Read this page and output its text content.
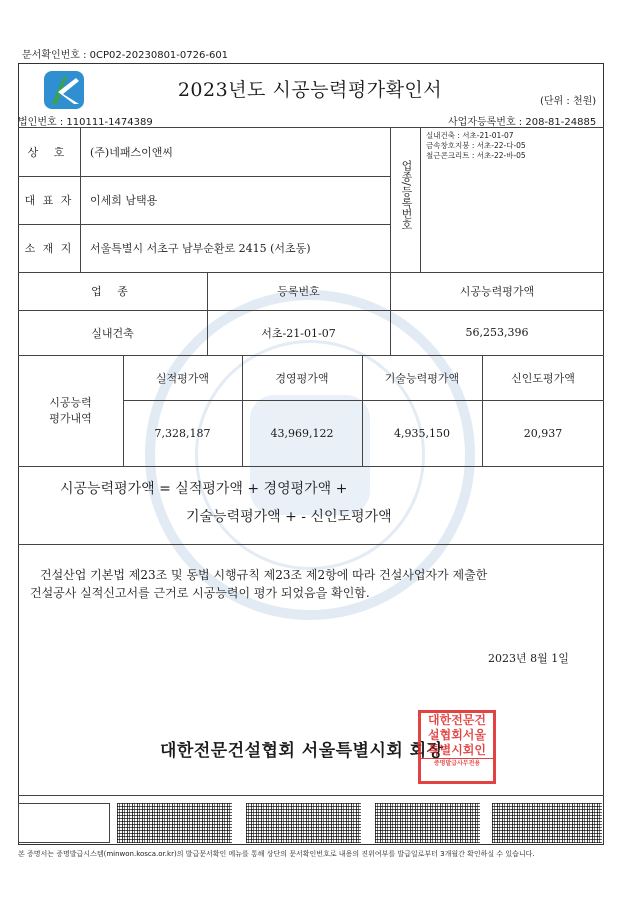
문서확인번호 : 0CP02-20230801-0726-601
2023년도 시공능력평가확인서
(단위 : 천원)
법인번호 : 110111-1474389	사업자등록번호 : 208-81-24885
상 호	(주)네패스이앤씨
대 표 자	이세희 남택용
소 재 지	서울특별시 서초구 남부순환로 2415 (서초동)
업종/등록번호
실내건축 : 서초-21-01-07
금속창호지붕 : 서초-22-다-05
철근콘크리트 : 서초-22-바-05
업 종	등록번호	시공능력평가액
실내건축	서초-21-01-07	56,253,396
시공능력
평가내역
실적평가액	경영평가액	기술능력평가액	신인도평가액
7,328,187	43,969,122	4,935,150	20,937
시공능력평가액 = 실적평가액 + 경영평가액 +
기술능력평가액 + - 신인도평가액
건설산업 기본법 제23조 및 동법 시행규칙 제23조 제2항에 따라 건설사업자가 제출한
건설공사 실적신고서를 근거로 시공능력이 평가 되었음을 확인함.
2023년 8월 1일
대한전문건설협회 서울특별시회 회장
대한전문건
설협회서울
특별시회인
증명발급사무전용
본 증명서는 증명발급시스템(minwon.kosca.or.kr)의 발급문서확인 메뉴를 통해 상단의 문서확인번호로 내용의 진위여부를 발급일로부터 3개월간 확인하실 수 있습니다.
